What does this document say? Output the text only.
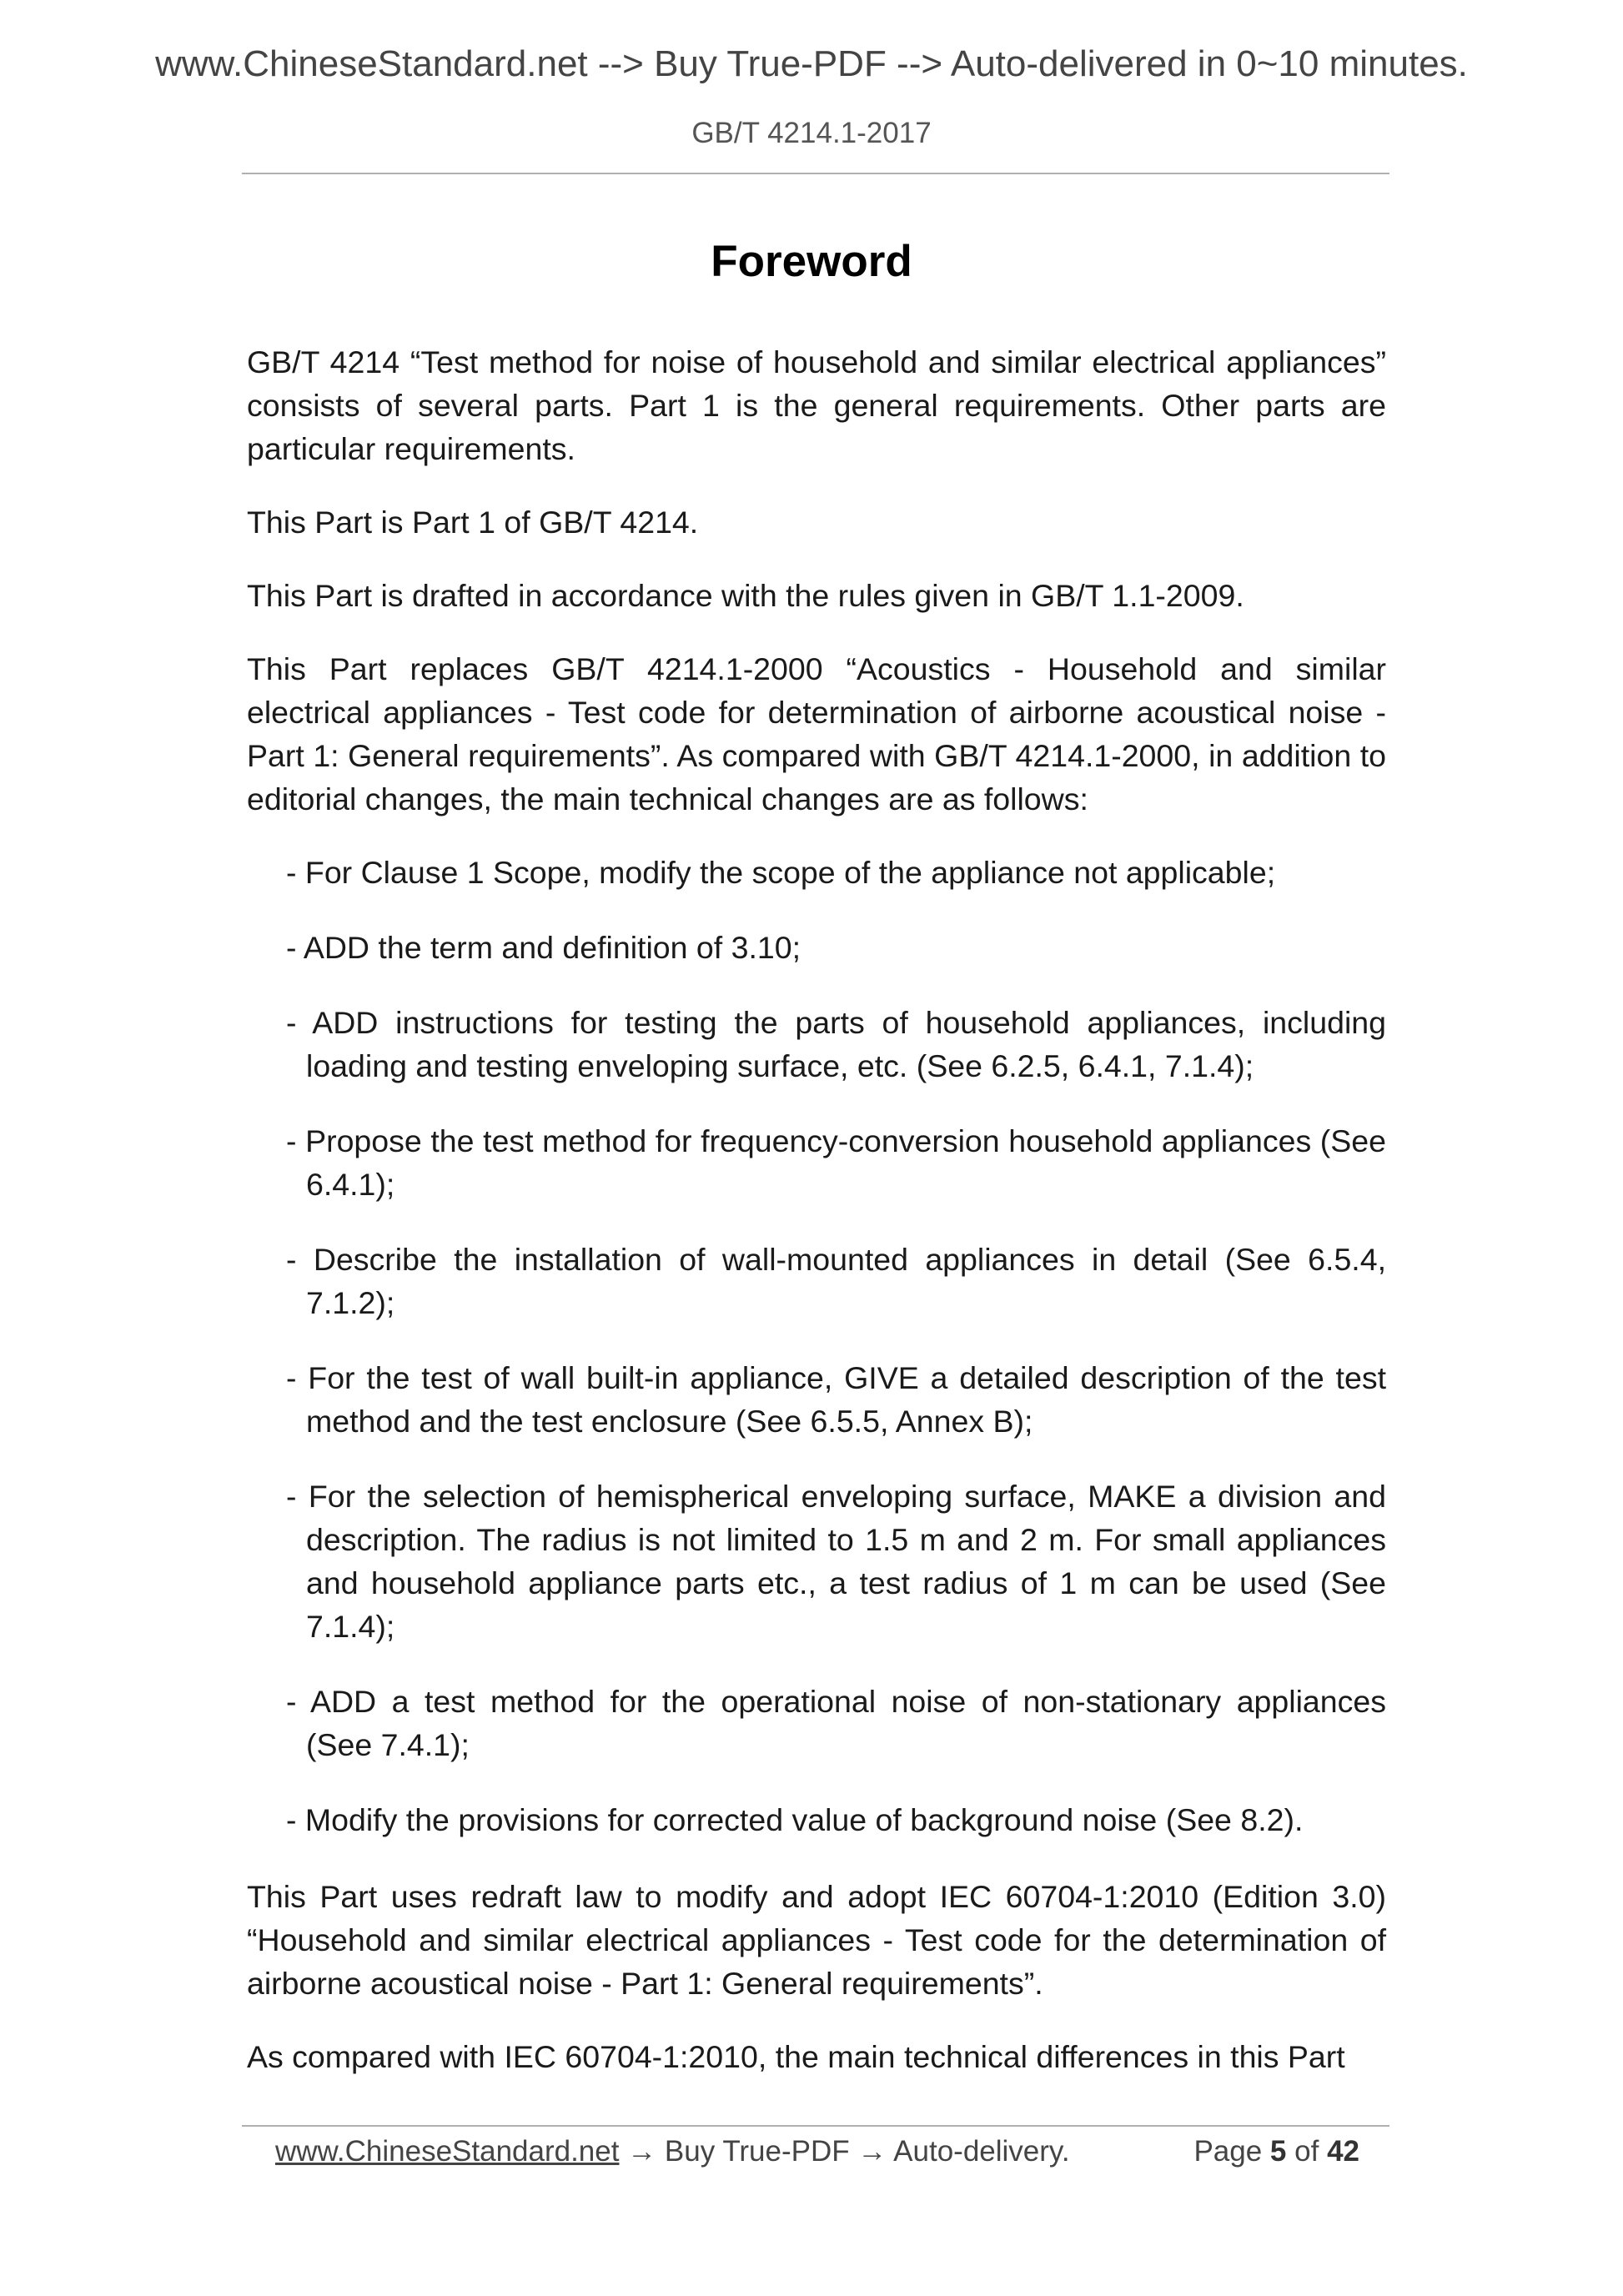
www.ChineseStandard.net --> Buy True-PDF --> Auto-delivered in 0~10 minutes.
GB/T 4214.1-2017
Foreword

GB/T 4214 “Test method for noise of household and similar electrical appliances” consists of several parts. Part 1 is the general requirements. Other parts are particular requirements.

This Part is Part 1 of GB/T 4214.

This Part is drafted in accordance with the rules given in GB/T 1.1-2009.

This Part replaces GB/T 4214.1-2000 “Acoustics - Household and similar electrical appliances - Test code for determination of airborne acoustical noise - Part 1: General requirements”. As compared with GB/T 4214.1-2000, in addition to editorial changes, the main technical changes are as follows:

- For Clause 1 Scope, modify the scope of the appliance not applicable;
- ADD the term and definition of 3.10;
- ADD instructions for testing the parts of household appliances, including loading and testing enveloping surface, etc. (See 6.2.5, 6.4.1, 7.1.4);
- Propose the test method for frequency-conversion household appliances (See 6.4.1);
- Describe the installation of wall-mounted appliances in detail (See 6.5.4, 7.1.2);
- For the test of wall built-in appliance, GIVE a detailed description of the test method and the test enclosure (See 6.5.5, Annex B);
- For the selection of hemispherical enveloping surface, MAKE a division and description. The radius is not limited to 1.5 m and 2 m. For small appliances and household appliance parts etc., a test radius of 1 m can be used (See 7.1.4);
- ADD a test method for the operational noise of non-stationary appliances (See 7.4.1);
- Modify the provisions for corrected value of background noise (See 8.2).

This Part uses redraft law to modify and adopt IEC 60704-1:2010 (Edition 3.0) “Household and similar electrical appliances - Test code for the determination of airborne acoustical noise - Part 1: General requirements”.

As compared with IEC 60704-1:2010, the main technical differences in this Part

www.ChineseStandard.net → Buy True-PDF → Auto-delivery.	Page 5 of 42
